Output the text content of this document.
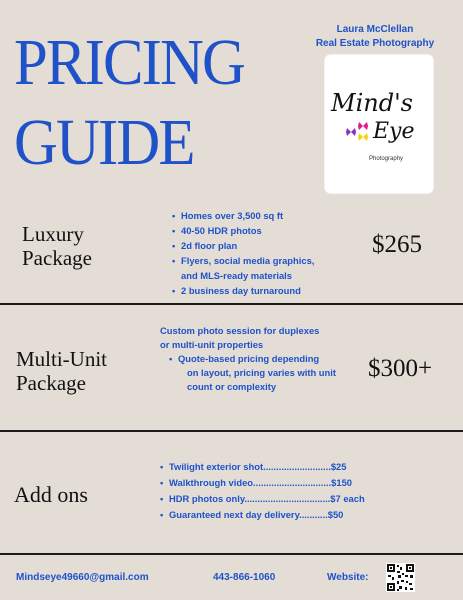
PRICING
GUIDE
Laura McClellan
Real Estate Photography
Mind's
Eye
Photography
Luxury
Package
• Homes over 3,500 sq ft
• 40-50 HDR photos
• 2d floor plan
• Flyers, social media graphics,
and MLS-ready materials
• 2 business day turnaround
$265
Multi-Unit
Package
Custom photo session for duplexes
or multi-unit properties
• Quote-based pricing depending
on layout, pricing varies with unit
count or complexity
$300+
Add ons
• Twilight exterior shot..........................$25
• Walkthrough video..............................$150
• HDR photos only.................................$7 each
• Guaranteed next day delivery...........$50
Mindseye49660@gmail.com	443-866-1060	Website:
